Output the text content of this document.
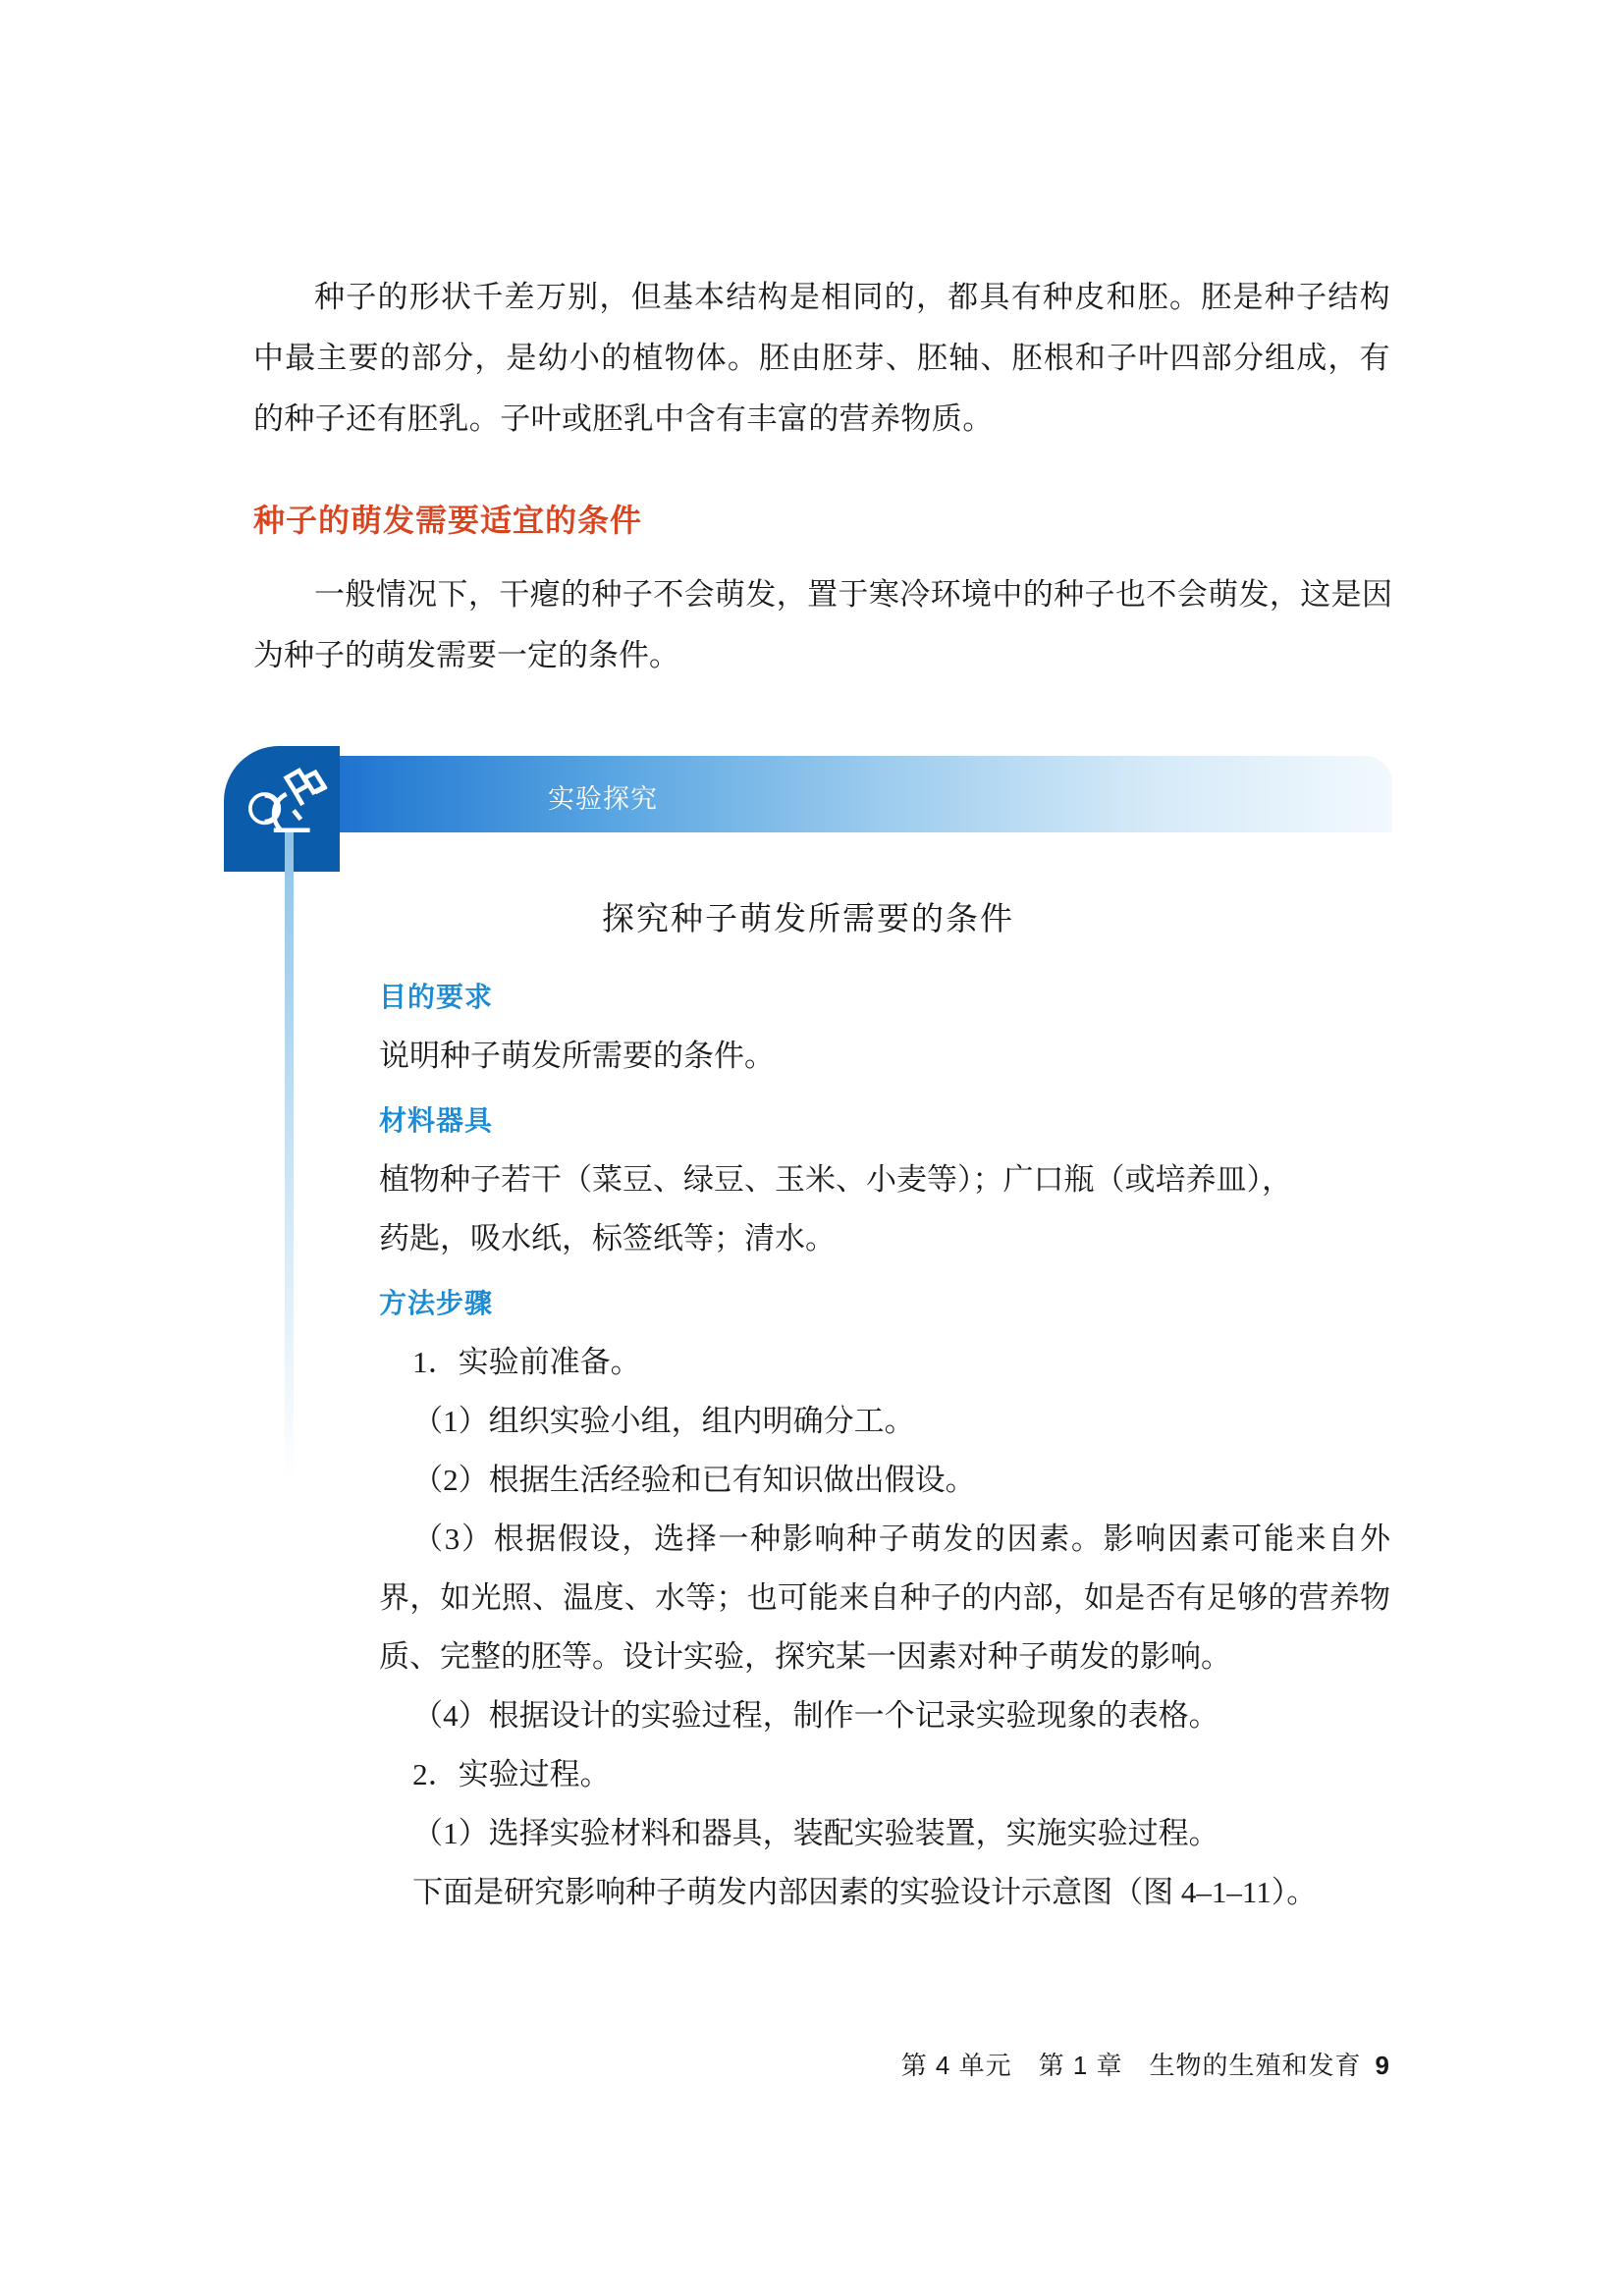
种子的形状千差万别，但基本结构是相同的，都具有种皮和胚。胚是种子结构中最主要的部分，是幼小的植物体。胚由胚芽、胚轴、胚根和子叶四部分组成，有的种子还有胚乳。子叶或胚乳中含有丰富的营养物质。
种子的萌发需要适宜的条件
一般情况下，干瘪的种子不会萌发，置于寒冷环境中的种子也不会萌发，这是因为种子的萌发需要一定的条件。
实验探究
探究种子萌发所需要的条件
目的要求

说明种子萌发所需要的条件。

材料器具

植物种子若干（菜豆、绿豆、玉米、小麦等）；广口瓶（或培养皿），

药匙，吸水纸，标签纸等；清水。

方法步骤

1．实验前准备。

（1）组织实验小组，组内明确分工。

（2）根据生活经验和已有知识做出假设。

（3）根据假设，选择一种影响种子萌发的因素。影响因素可能来自外界，如光照、温度、水等；也可能来自种子的内部，如是否有足够的营养物质、完整的胚等。设计实验，探究某一因素对种子萌发的影响。

（4）根据设计的实验过程，制作一个记录实验现象的表格。

2．实验过程。

（1）选择实验材料和器具，装配实验装置，实施实验过程。

下面是研究影响种子萌发内部因素的实验设计示意图（图 4–1–11）。

第 4 单元　第 1 章　生物的生殖和发育 9
